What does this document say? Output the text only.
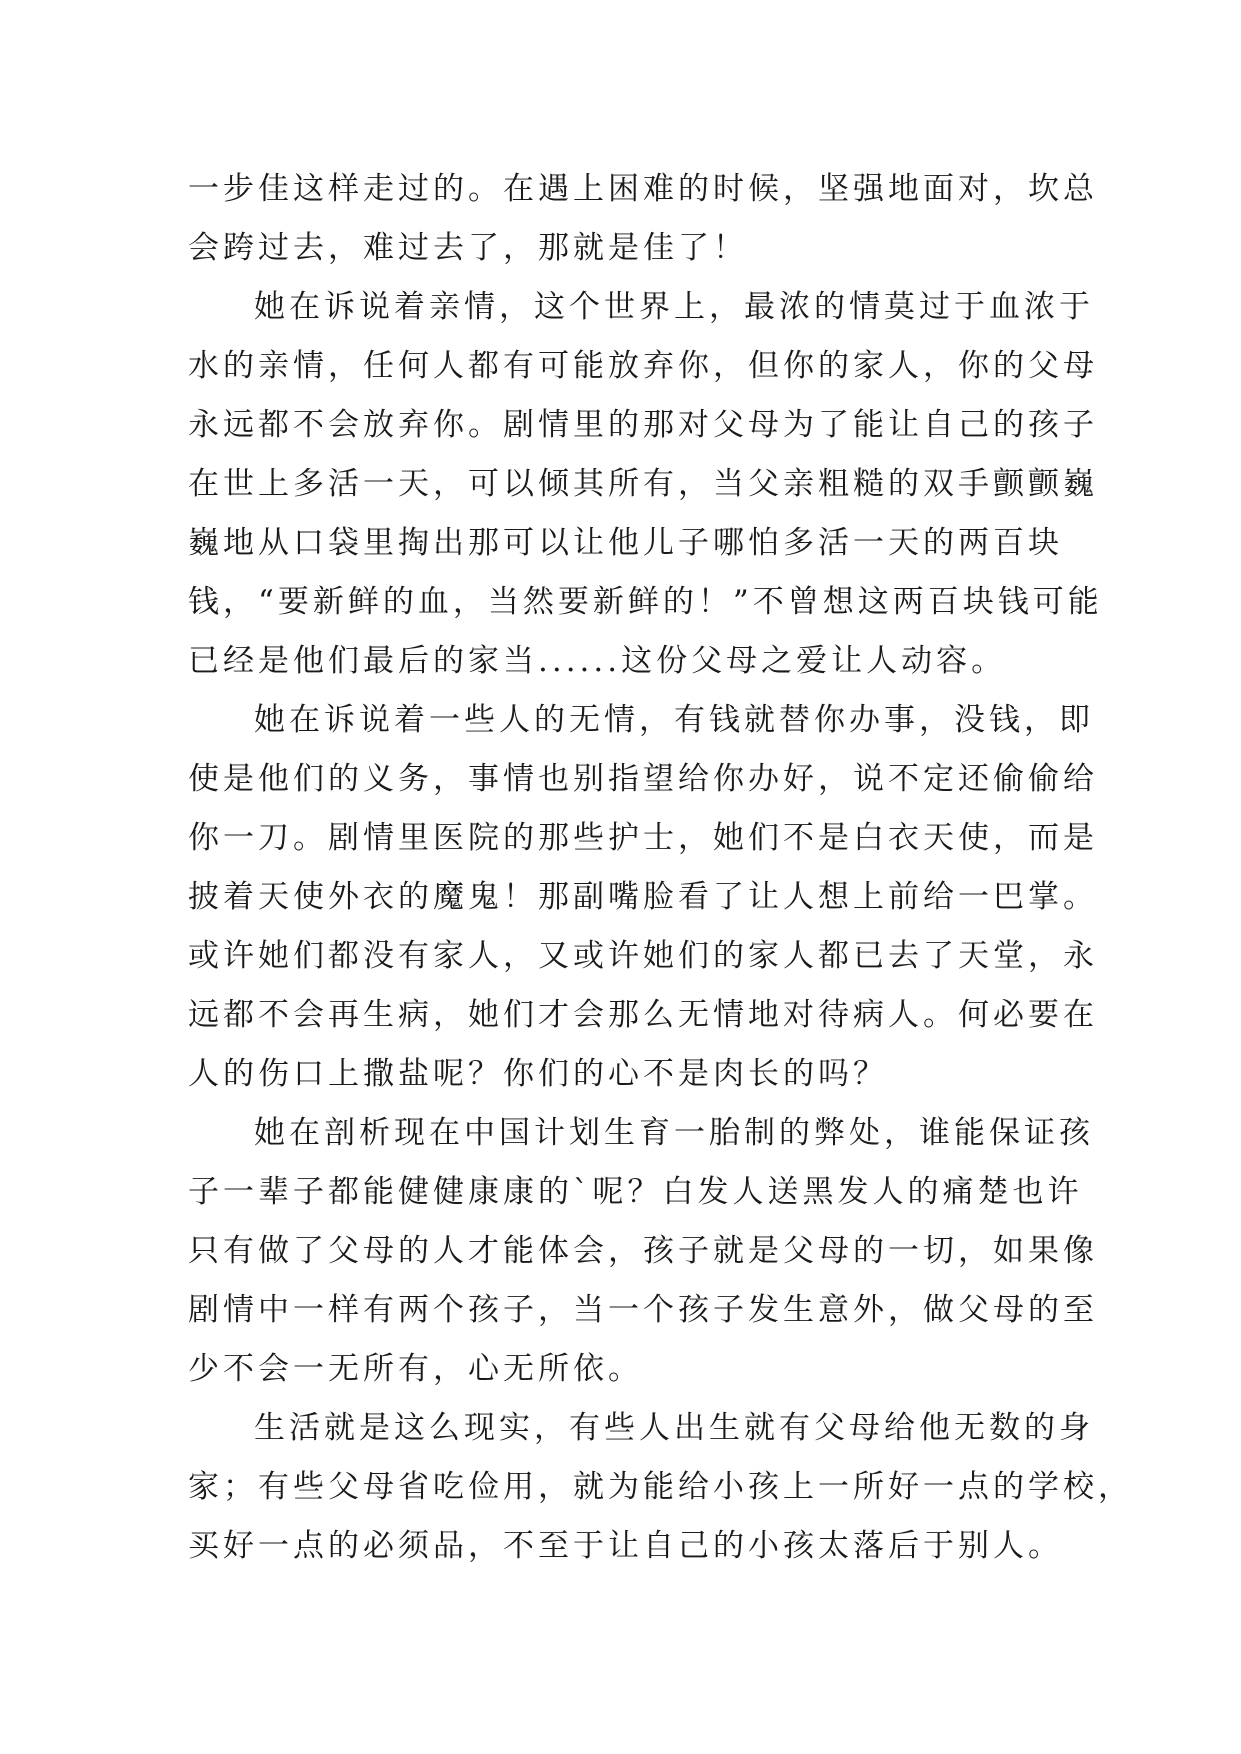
一步佳这样走过的。在遇上困难的时候，坚强地面对，坎总
会跨过去，难过去了，那就是佳了！

她在诉说着亲情，这个世界上，最浓的情莫过于血浓于
水的亲情，任何人都有可能放弃你，但你的家人，你的父母
永远都不会放弃你。剧情里的那对父母为了能让自己的孩子
在世上多活一天，可以倾其所有，当父亲粗糙的双手颤颤巍
巍地从口袋里掏出那可以让他儿子哪怕多活一天的两百块
钱，“要新鲜的血，当然要新鲜的！”不曾想这两百块钱可能
已经是他们最后的家当......这份父母之爱让人动容。

她在诉说着一些人的无情，有钱就替你办事，没钱，即
使是他们的义务，事情也别指望给你办好，说不定还偷偷给
你一刀。剧情里医院的那些护士，她们不是白衣天使，而是
披着天使外衣的魔鬼！那副嘴脸看了让人想上前给一巴掌。
或许她们都没有家人，又或许她们的家人都已去了天堂，永
远都不会再生病，她们才会那么无情地对待病人。何必要在
人的伤口上撒盐呢？你们的心不是肉长的吗？

她在剖析现在中国计划生育一胎制的弊处，谁能保证孩
子一辈子都能健健康康的`呢？白发人送黑发人的痛楚也许
只有做了父母的人才能体会，孩子就是父母的一切，如果像
剧情中一样有两个孩子，当一个孩子发生意外，做父母的至
少不会一无所有，心无所依。

生活就是这么现实，有些人出生就有父母给他无数的身
家；有些父母省吃俭用，就为能给小孩上一所好一点的学校，
买好一点的必须品，不至于让自己的小孩太落后于别人。
